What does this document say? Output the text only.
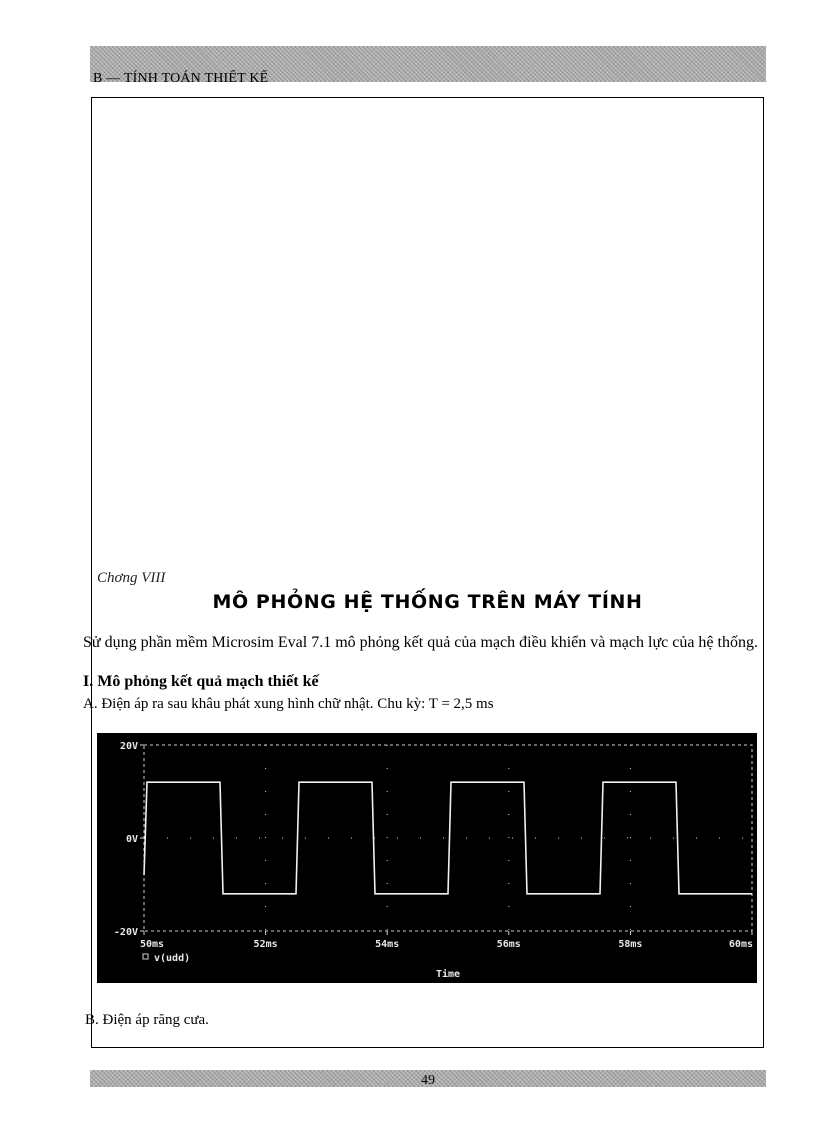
B — TÍNH TOÁN THIẾT KẾ
Chơng VIII
MÔ PHỎNG HỆ THỐNG TRÊN MÁY TÍNH
Sử dụng phần mềm Microsim Eval 7.1 mô phỏng kết quả của mạch điều khiển và mạch lực của hệ thống.
I. Mô phỏng kết quả mạch thiết kế
A. Điện áp ra sau khâu phát xung hình chữ nhật. Chu kỳ: T = 2,5 ms
20V
0V
-20V
50ms	52ms	54ms	56ms	58ms	60ms
v(udd)
Time
B. Điện áp răng cưa.
49
